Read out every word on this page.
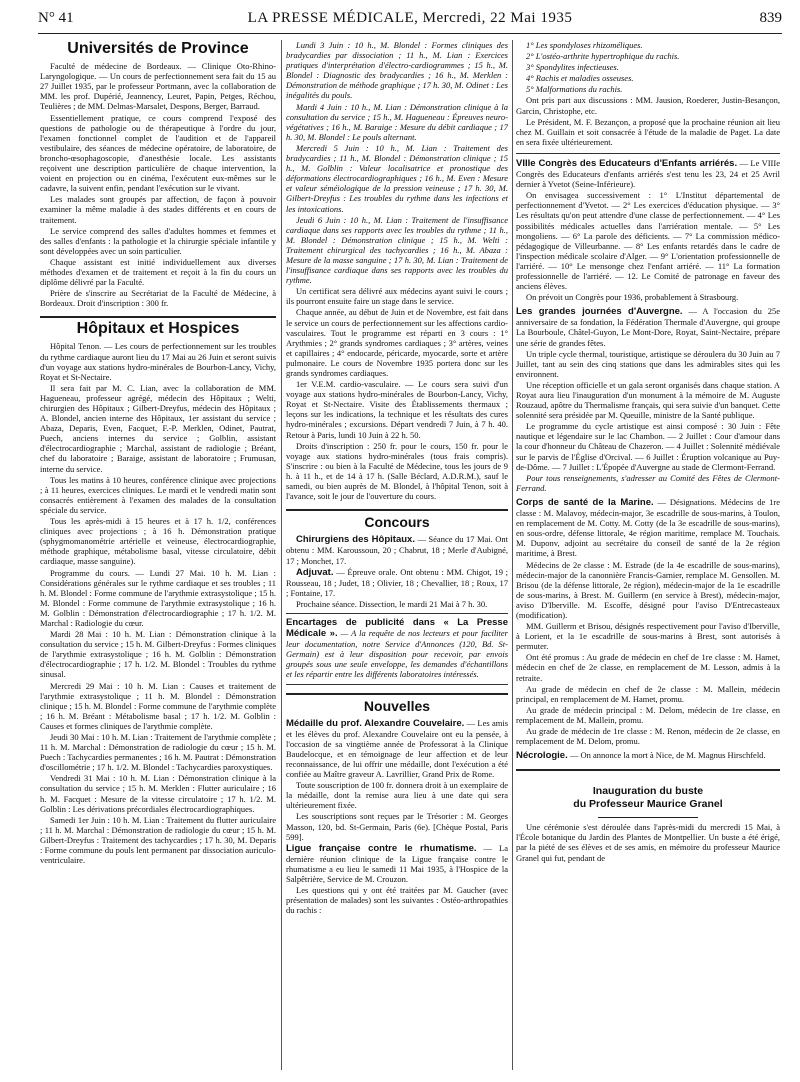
N° 41	LA PRESSE MÉDICALE, Mercredi, 22 Mai 1935	839
Universités de Province

Faculté de médecine de Bordeaux. — Clinique Oto-Rhino-Laryngologique. — Un cours de perfectionnement sera fait du 15 au 27 Juillet 1935, par le professeur Portmann, avec la collaboration de MM. les prof. Dupérié, Jeannency, Leuret, Papin, Petges, Réchou, Teulières ; de MM. Delmas-Marsalet, Despons, Berger, Barraud.

Essentiellement pratique, ce cours comprend l'exposé des questions de pathologie ou de thérapeutique à l'ordre du jour, l'examen fonctionnel complet de l'audition et de l'appareil vestibulaire, des séances de médecine opératoire, de laboratoire, de broncho-œsophagoscopie, d'anesthésie locale. Les assistants reçoivent une description particulière de chaque intervention, la voient en projection ou en cinéma, l'exécutent eux-mêmes sur le cadavre, la suivent enfin, pendant l'exécution sur le vivant.

Les malades sont groupés par affection, de façon à pouvoir examiner la même maladie à des stades différents et en cours de traitement.

Le service comprend des salles d'adultes hommes et femmes et des salles d'enfants : la pathologie et la chirurgie spéciale infantile y sont développées avec un soin particulier.

Chaque assistant est initié individuellement aux diverses méthodes d'examen et de traitement et reçoit à la fin du cours un diplôme délivré par la Faculté.

Prière de s'inscrire au Secrétariat de la Faculté de Médecine, à Bordeaux. Droit d'inscription : 300 fr.

Hôpitaux et Hospices

Hôpital Tenon. — Les cours de perfectionnement sur les troubles du rythme cardiaque auront lieu du 17 Mai au 26 Juin et seront suivis d'un voyage aux stations hydro-minérales de Bourbon-Lancy, Vichy, Royat et St-Nectaire.

Il sera fait par M. C. Lian, avec la collaboration de MM. Hagueneau, professeur agrégé, médecin des Hôpitaux ; Welti, chirurgien des Hôpitaux ; Gilbert-Dreyfus, médecin des Hôpitaux ; A. Blondel, ancien interne des Hôpitaux, 1er assistant du service ; Abaza, Deparis, Even, Facquet, F.-P. Merklen, Odinet, Pautrat, Puech, anciens internes du service ; Golblin, assistant d'électrocardiographie ; Marchal, assistant de radiologie ; Bréant, chef du laboratoire ; Baraige, assistant de laboratoire ; Frumusan, interne du service.

Tous les matins à 10 heures, conférence clinique avec projections ; à 11 heures, exercices cliniques. Le mardi et le vendredi matin sont consacrés entièrement à l'examen des malades de la consultation spéciale du service.

Tous les après-midi à 15 heures et à 17 h. 1/2, conférences cliniques avec projections ; à 16 h. Démonstration pratique (sphygmomanométrie artérielle et veineuse, électrocardiographie, méthode graphique, métabolisme basal, vitesse circulatoire, débit cardiaque, masse sanguine).

Programme du cours. — Lundi 27 Mai. 10 h. M. Lian : Considérations générales sur le rythme cardiaque et ses troubles ; 11 h. M. Blondel : Forme commune de l'arythmie extrasystolique ; 15 h. M. Blondel : Forme commune de l'arythmie extrasystolique ; 16 h. M. Golblin : Démonstration d'électrocardiographie ; 17 h. 1/2. M. Marchal : Radiologie du cœur.

Mardi 28 Mai : 10 h. M. Lian : Démonstration clinique à la consultation du service ; 15 h. M. Gilbert-Dreyfus : Formes cliniques de l'arythmie extrasystolique ; 16 h. M. Golblin : Démonstration d'électrocardiographie ; 17 h. 1/2. M. Blondel : Troubles du rythme sinusal.

Mercredi 29 Mai : 10 h. M. Lian : Causes et traitement de l'arythmie extrasystolique ; 11 h. M. Blondel : Démonstration clinique ; 15 h. M. Blondel : Forme commune de l'arythmie complète ; 16 h. M. Bréant : Métabolisme basal ; 17 h. 1/2. M. Golblin : Causes et formes cliniques de l'arythmie complète.

Jeudi 30 Mai : 10 h. M. Lian : Traitement de l'arythmie complète ; 11 h. M. Marchal : Démonstration de radiologie du cœur ; 15 h. M. Puech : Tachycardies permanentes ; 16 h. M. Pautrat : Démonstration d'oscillométrie ; 17 h. 1/2. M. Blondel : Tachycardies paroxystiques.

Vendredi 31 Mai : 10 h. M. Lian : Démonstration clinique à la consultation du service ; 15 h. M. Merklen : Flutter auriculaire ; 16 h. M. Facquet : Mesure de la vitesse circulatoire ; 17 h. 1/2. M. Golblin : Les dérivations précordiales électrocardiographiques.

Samedi 1er Juin : 10 h. M. Lian : Traitement du flutter auriculaire ; 11 h. M. Marchal : Démonstration de radiologie du cœur ; 15 h. M. Gilbert-Dreyfus : Traitement des tachycardies ; 17 h. 30, M. Deparis : Forme commune du pouls lent permanent par dissociation auriculo-ventriculaire.

Lundi 3 Juin : 10 h., M. Blondel : Formes cliniques des bradycardies par dissociation ; 11 h., M. Lian : Exercices pratiques d'interprétation d'électro-cardiogrammes ; 15 h., M. Blondel : Diagnostic des bradycardies ; 16 h., M. Merklen : Démonstration de méthode graphique ; 17 h. 30, M. Odinet : Les inégalités du pouls.

Mardi 4 Juin : 10 h., M. Lian : Démonstration clinique à la consultation du service ; 15 h., M. Hagueneau : Épreuves neuro-végétatives ; 16 h., M. Baraige : Mesure du débit cardiaque ; 17 h. 30, M. Blondel : Le pouls alternant.

Mercredi 5 Juin : 10 h., M. Lian : Traitement des bradycardies ; 11 h., M. Blondel : Démonstration clinique ; 15 h., M. Golblin : Valeur localisatrice et pronostique des déformations électrocardiographiques ; 16 h., M. Even : Mesure et valeur séméiologique de la pression veineuse ; 17 h. 30, M. Gilbert-Dreyfus : Les troubles du rythme dans les infections et les intoxications.

Jeudi 6 Juin : 10 h., M. Lian : Traitement de l'insuffisance cardiaque dans ses rapports avec les troubles du rythme ; 11 h., M. Blondel : Démonstration clinique ; 15 h., M. Welti : Traitement chirurgical des tachycardies ; 16 h., M. Abaza : Mesure de la masse sanguine ; 17 h. 30, M. Lian : Traitement de l'insuffisance cardiaque dans ses rapports avec les troubles du rythme.

Un certificat sera délivré aux médecins ayant suivi le cours ; ils pourront ensuite faire un stage dans le service.

Chaque année, au début de Juin et de Novembre, est fait dans le service un cours de perfectionnement sur les affections cardio-vasculaires. Tout le programme est réparti en 3 cours : 1° Arythmies ; 2° grands syndromes cardiaques ; 3° artères, veines et capillaires ; 4° endocarde, péricarde, myocarde, sorte et artère pulmonaire. Le cours de Novembre 1935 portera donc sur les grands syndromes cardiaques.

1er V.E.M. cardio-vasculaire. — Le cours sera suivi d'un voyage aux stations hydro-minérales de Bourbon-Lancy, Vichy, Royat et St-Nectaire. Visite des Établissements thermaux ; leçons sur les indications, la technique et les résultats des cures hydro-minérales ; excursions. Départ vendredi 7 Juin, à 7 h. 40. Retour à Paris, lundi 10 Juin à 22 h. 50.

Droits d'inscription : 250 fr. pour le cours, 150 fr. pour le voyage aux stations hydro-minérales (tous frais compris). S'inscrire : ou bien à la Faculté de Médecine, tous les jours de 9 h. à 11 h., et de 14 à 17 h. (Salle Béclard, A.D.R.M.), sauf le samedi, ou bien auprès de M. Blondel, à l'hôpital Tenon, soit à l'avance, soit le jour de l'ouverture du cours.

Concours

Chirurgiens des Hôpitaux. — Séance du 17 Mai. Ont obtenu : MM. Karoussoun, 20 ; Chabrut, 18 ; Merle d'Aubigné, 17 ; Monchet, 17.

Adjuvat. — Épreuve orale. Ont obtenu : MM. Chigot, 19 ; Rousseau, 18 ; Judet, 18 ; Olivier, 18 ; Chevallier, 18 ; Roux, 17 ; Fontaine, 17.

Prochaine séance. Dissection, le mardi 21 Mai à 7 h. 30.

Encartages de publicité dans « La Presse Médicale ». — A la requête de nos lecteurs et pour faciliter leur documentation, notre Service d'Annonces (120, Bd. St-Germain) est à leur disposition pour recevoir, par envois groupés sous une seule enveloppe, les demandes d'échantillons et les répartir entre les différents laboratoires intéressés.

Nouvelles

Médaille du prof. Alexandre Couvelaire. — Les amis et les élèves du prof. Alexandre Couvelaire ont eu la pensée, à l'occasion de sa vingtième année de Professorat à la Clinique Baudelocque, et en témoignage de leur affection et de leur reconnaissance, de lui offrir une médaille, dont l'exécution a été confiée au Maître graveur A. Lavrillier, Grand Prix de Rome.

Toute souscription de 100 fr. donnera droit à un exemplaire de la médaille, dont la remise aura lieu à une date qui sera ultérieurement fixée.

Les souscriptions sont reçues par le Trésorier : M. Georges Masson, 120, bd. St-Germain, Paris (6e). [Chèque Postal, Paris 599].

Ligue française contre le rhumatisme. — La dernière réunion clinique de la Ligue française contre le rhumatisme a eu lieu le samedi 11 Mai 1935, à l'Hospice de la Salpêtrière, Service de M. Crouzon.

Les questions qui y ont été traitées par M. Gaucher (avec présentation de malades) sont les suivantes : Ostéo-arthropathies du rachis :

1° Les spondyloses rhizoméliques.

2° L'ostéo-arthrite hypertrophique du rachis.

3° Spondylites infectieuses.

4° Rachis et maladies osseuses.

5° Malformations du rachis.

Ont pris part aux discussions : MM. Jausion, Roederer, Justin-Besançon, Garcin, Christophe, etc.

Le Président, M. F. Bezançon, a proposé que la prochaine réunion ait lieu chez M. Guillain et soit consacrée à l'étude de la maladie de Paget. La date en sera fixée ultérieurement.

VIIIe Congrès des Educateurs d'Enfants arriérés. — Le VIIIe Congrès des Educateurs d'enfants arriérés s'est tenu les 23, 24 et 25 Avril dernier à Yvetot (Seine-Inférieure).

On envisagea successivement : 1° L'Institut départemental de perfectionnement d'Yvetot. — 2° Les exercices d'éducation physique. — 3° Les résultats qu'on peut attendre d'une classe de perfectionnement. — 4° Les possibilités médicales actuelles dans l'arriération mentale. — 5° Les mongoliens. — 6° La parole des déficients. — 7° La commission médico-pédagogique de Villeurbanne. — 8° Les enfants retardés dans le cadre de l'inspection médicale scolaire d'Alger. — 9° L'orientation professionnelle de l'arriéré. — 10° Le mensonge chez l'enfant arriéré. — 11° La formation professionnelle de l'arriéré. — 12. Le Comité de patronage en faveur des anciens élèves.

On prévoit un Congrès pour 1936, probablement à Strasbourg.

Les grandes journées d'Auvergne. — A l'occasion du 25e anniversaire de sa fondation, la Fédération Thermale d'Auvergne, qui groupe La Bourboule, Châtel-Guyon, Le Mont-Dore, Royat, Saint-Nectaire, prépare une série de grandes fêtes.

Un triple cycle thermal, touristique, artistique se déroulera du 30 Juin au 7 Juillet, tant au sein des cinq stations que dans les admirables sites qui les environnent.

Une réception officielle et un gala seront organisés dans chaque station. A Royat aura lieu l'inauguration d'un monument à la mémoire de M. Auguste Rouzaud, apôtre du Thermalisme français, qui sera suivie d'un banquet. Cette solennité sera présidée par M. Queuille, ministre de la Santé publique.

Le programme du cycle artistique est ainsi composé : 30 Juin : Fête nautique et légendaire sur le lac Chambon. — 2 Juillet : Cour d'amour dans la cour d'honneur du Château de Chazeron. — 4 Juillet : Solennité médiévale sur le parvis de l'Église d'Orcival. — 6 Juillet : Éruption volcanique au Puy-de-Dôme. — 7 Juillet : L'Épopée d'Auvergne au stade de Clermont-Ferrand.

Pour tous renseignements, s'adresser au Comité des Fêtes de Clermont-Ferrand.

Corps de santé de la Marine. — Désignations. Médecins de 1re classe : M. Malavoy, médecin-major, 3e escadrille de sous-marins, à Toulon, en remplacement de M. Cotty. M. Cotty (de la 3e escadrille de sous-marins), en sous-ordre, défense littorale, 4e région maritime, remplace M. Touchais. M. Duponv, adjoint au secrétaire du conseil de santé de la 2e région maritime, à Brest.

Médecins de 2e classe : M. Estrade (de la 4e escadrille de sous-marins), médecin-major de la canonnière Francis-Garnier, remplace M. Gensollen. M. Brisou (de la défense littorale, 2e région), médecin-major de la 1e escadrille de sous-marins, à Brest. M. Guillerm (en service à Brest), médecin-major, aviso D'Iberville. M. Escoffe, désigné pour l'aviso D'Entrecasteaux (modification).

MM. Guillerm et Brisou, désignés respectivement pour l'aviso d'Iberville, à Lorient, et la 1e escadrille de sous-marins à Brest, sont autorisés à permuter.

Ont été promus : Au grade de médecin en chef de 1re classe : M. Hamet, médecin en chef de 2e classe, en remplacement de M. Lesson, admis à la retraite.

Au grade de médecin en chef de 2e classe : M. Mallein, médecin principal, en remplacement de M. Hamet, promu.

Au grade de médecin principal : M. Delom, médecin de 1re classe, en remplacement de M. Mallein, promu.

Au grade de médecin de 1re classe : M. Renon, médecin de 2e classe, en remplacement de M. Delom, promu.

Nécrologie. — On annonce la mort à Nice, de M. Magnus Hirschfeld.

Inauguration du buste
du Professeur Maurice Granel

Une cérémonie s'est déroulée dans l'après-midi du mercredi 15 Mai, à l'École botanique du Jardin des Plantes de Montpellier. Un buste a été érigé, par la piété de ses élèves et de ses amis, en mémoire du professeur Maurice Granel qui fut, pendant de
